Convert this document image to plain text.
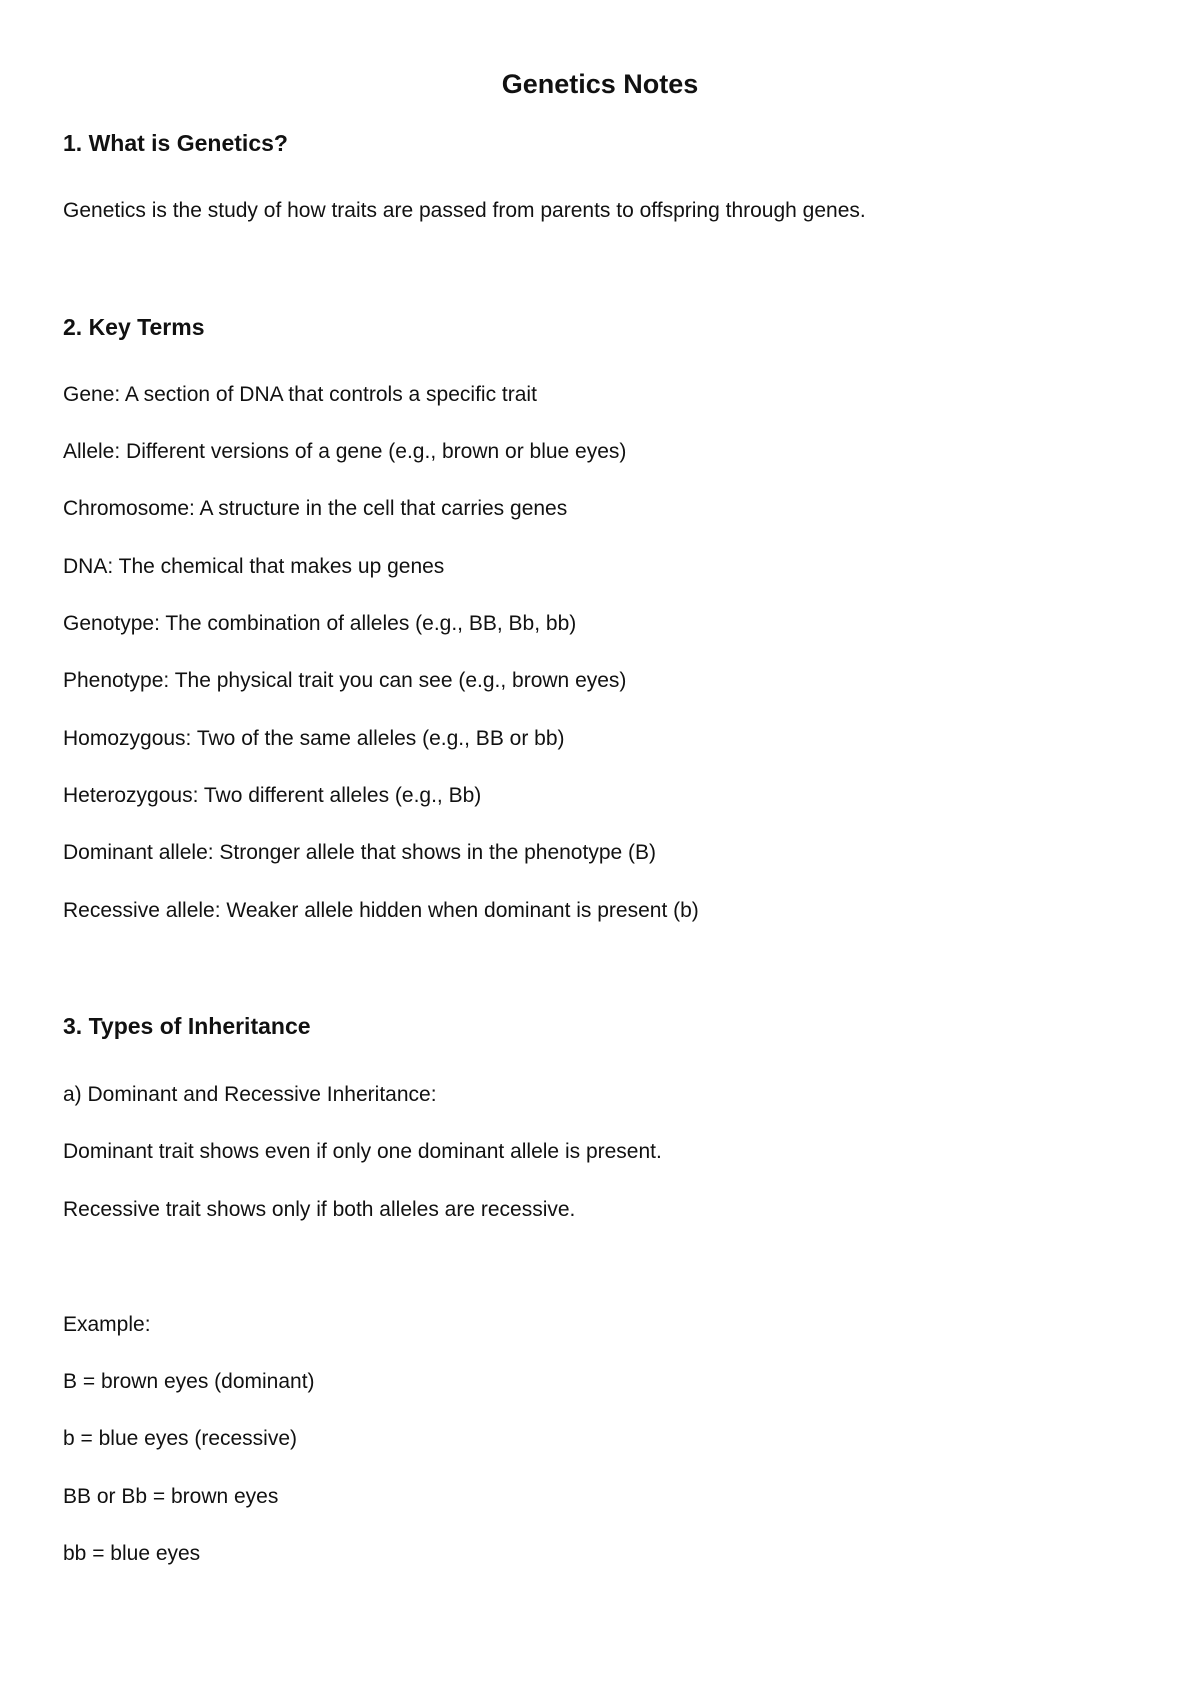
Genetics Notes
1. What is Genetics?

Genetics is the study of how traits are passed from parents to offspring through genes.

2. Key Terms

Gene: A section of DNA that controls a specific trait

Allele: Different versions of a gene (e.g., brown or blue eyes)

Chromosome: A structure in the cell that carries genes

DNA: The chemical that makes up genes

Genotype: The combination of alleles (e.g., BB, Bb, bb)

Phenotype: The physical trait you can see (e.g., brown eyes)

Homozygous: Two of the same alleles (e.g., BB or bb)

Heterozygous: Two different alleles (e.g., Bb)

Dominant allele: Stronger allele that shows in the phenotype (B)

Recessive allele: Weaker allele hidden when dominant is present (b)

3. Types of Inheritance

a) Dominant and Recessive Inheritance:

Dominant trait shows even if only one dominant allele is present.

Recessive trait shows only if both alleles are recessive.

Example:

B = brown eyes (dominant)

b = blue eyes (recessive)

BB or Bb = brown eyes

bb = blue eyes
